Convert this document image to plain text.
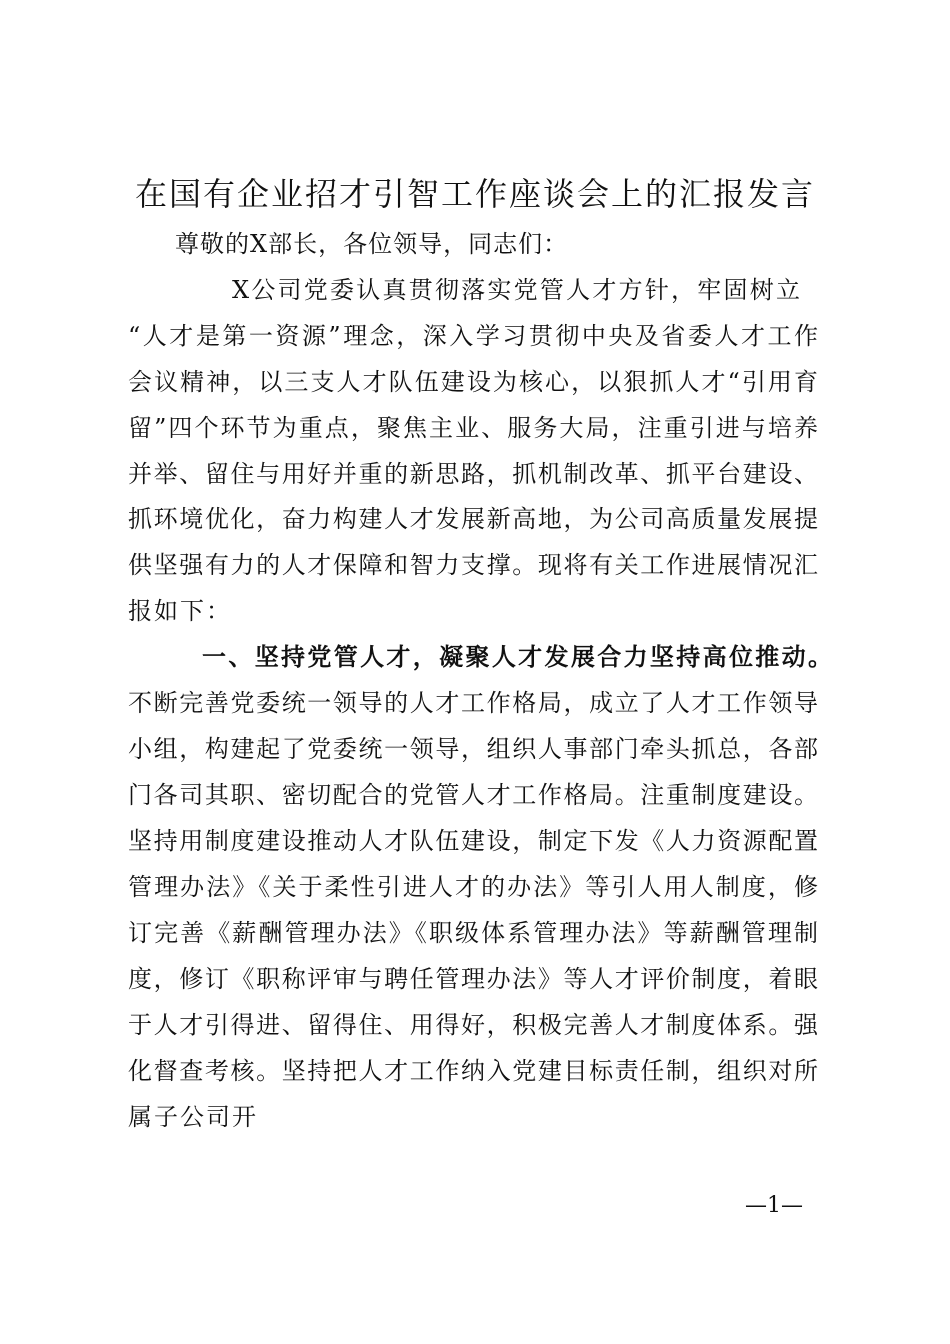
在国有企业招才引智工作座谈会上的汇报发言
尊敬的X部长，各位领导，同志们：
X公司党委认真贯彻落实党管人才方针，牢固树立
“人才是第一资源”理念，深入学习贯彻中央及省委人才工作
会议精神，以三支人才队伍建设为核心，以狠抓人才“引用育
留”四个环节为重点，聚焦主业、服务大局，注重引进与培养
并举、留住与用好并重的新思路，抓机制改革、抓平台建设、
抓环境优化，奋力构建人才发展新高地，为公司高质量发展提
供坚强有力的人才保障和智力支撑。现将有关工作进展情况汇
报如下：
一、坚持党管人才，凝聚人才发展合力坚持高位推动。
不断完善党委统一领导的人才工作格局，成立了人才工作领导
小组，构建起了党委统一领导，组织人事部门牵头抓总，各部
门各司其职、密切配合的党管人才工作格局。注重制度建设。
坚持用制度建设推动人才队伍建设，制定下发《人力资源配置
管理办法》《关于柔性引进人才的办法》等引人用人制度，修
订完善《薪酬管理办法》《职级体系管理办法》等薪酬管理制
度，修订《职称评审与聘任管理办法》等人才评价制度，着眼
于人才引得进、留得住、用得好，积极完善人才制度体系。强
化督查考核。坚持把人才工作纳入党建目标责任制，组织对所
属子公司开
—1—
